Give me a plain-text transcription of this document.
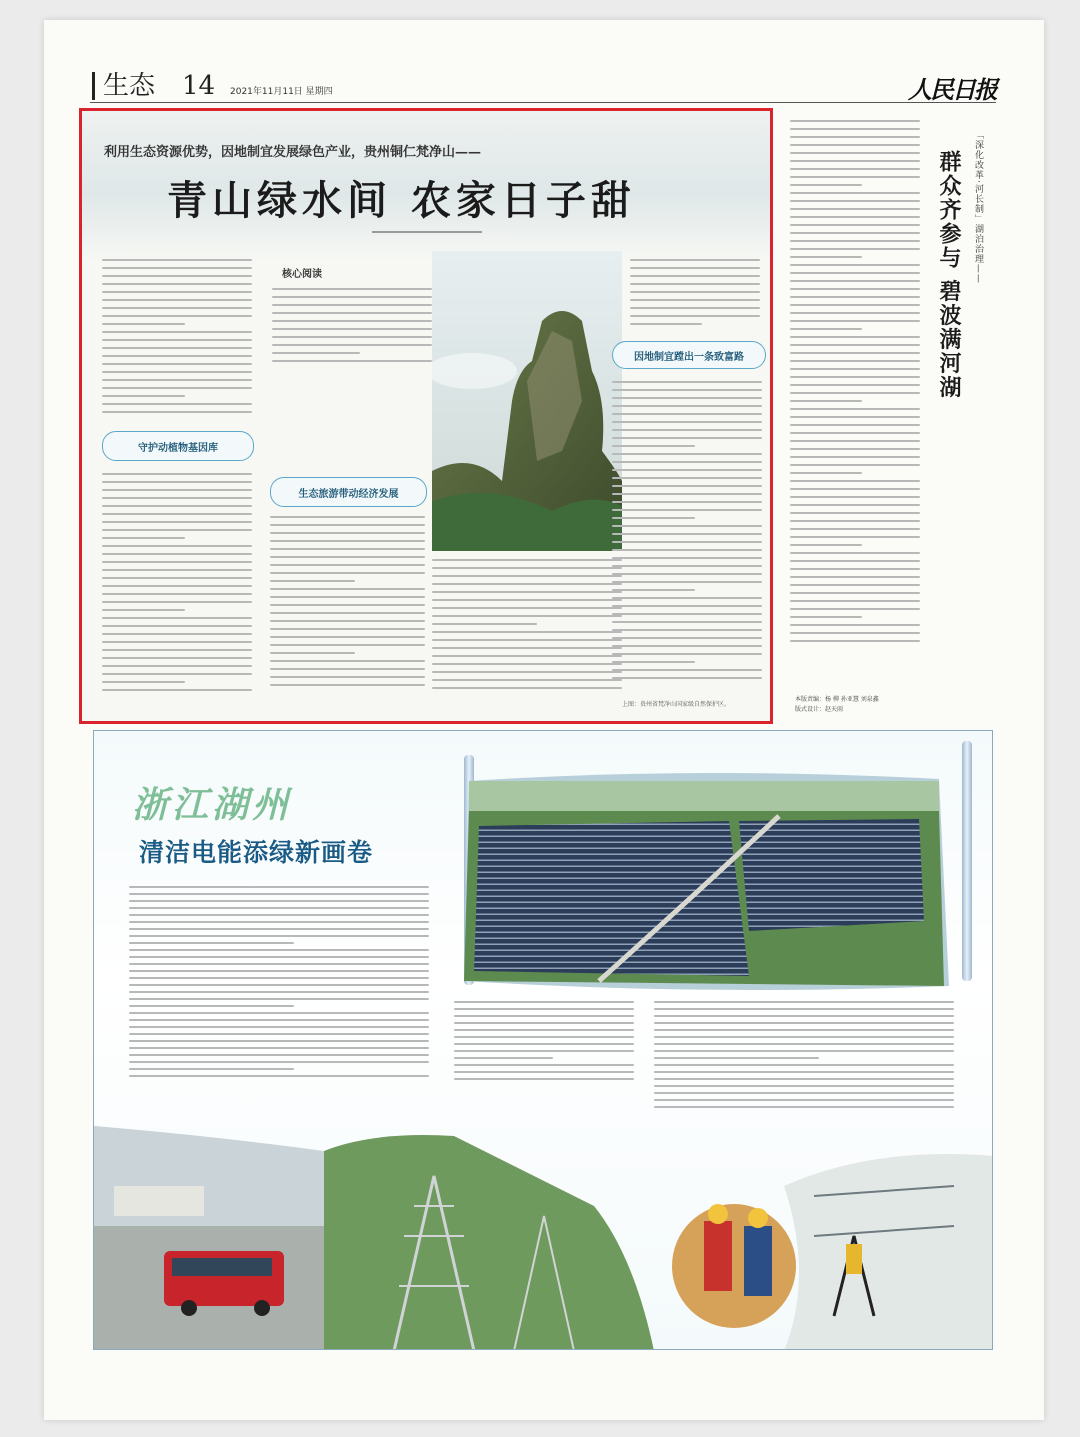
生态 14 2021年11月11日 星期四	人民日报
利用生态资源优势，因地制宜发展绿色产业，贵州铜仁梵净山——
青山绿水间 农家日子甜
守护动植物基因库
核心阅读
生态旅游带动经济发展
因地制宜蹚出一条致富路
上图：贵州省梵净山国家级自然保护区。
「深化改革·河长制」湖泊治理——
群众齐参与 碧波满河湖
本版责编：杨 柳 孙亚慧 刘泉鑫
版式设计：赵天雨
浙江湖州
清洁电能添绿新画卷
